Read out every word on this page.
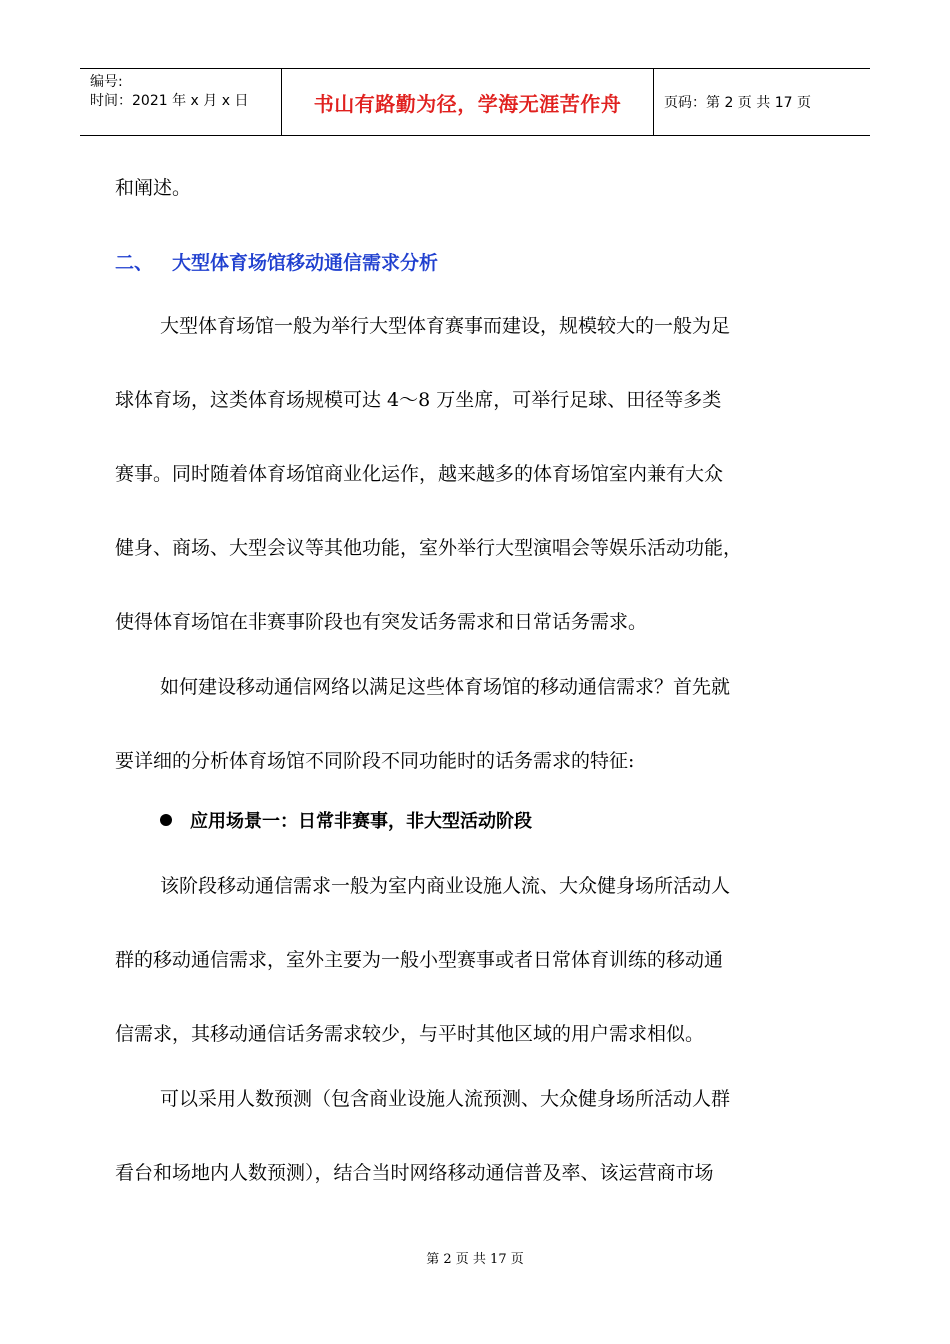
编号:
时间：2021 年 x 月 x 日	书山有路勤为径，学海无涯苦作舟	页码：第 2 页 共 17 页
和阐述。
二、 大型体育场馆移动通信需求分析
大型体育场馆一般为举行大型体育赛事而建设，规模较大的一般为足
球体育场，这类体育场规模可达 4～8 万坐席，可举行足球、田径等多类
赛事。同时随着体育场馆商业化运作，越来越多的体育场馆室内兼有大众
健身、商场、大型会议等其他功能，室外举行大型演唱会等娱乐活动功能，
使得体育场馆在非赛事阶段也有突发话务需求和日常话务需求。
如何建设移动通信网络以满足这些体育场馆的移动通信需求？首先就
要详细的分析体育场馆不同阶段不同功能时的话务需求的特征:
应用场景一：日常非赛事，非大型活动阶段
该阶段移动通信需求一般为室内商业设施人流、大众健身场所活动人
群的移动通信需求，室外主要为一般小型赛事或者日常体育训练的移动通
信需求，其移动通信话务需求较少，与平时其他区域的用户需求相似。
可以采用人数预测（包含商业设施人流预测、大众健身场所活动人群
看台和场地内人数预测），结合当时网络移动通信普及率、该运营商市场
第 2 页 共 17 页
